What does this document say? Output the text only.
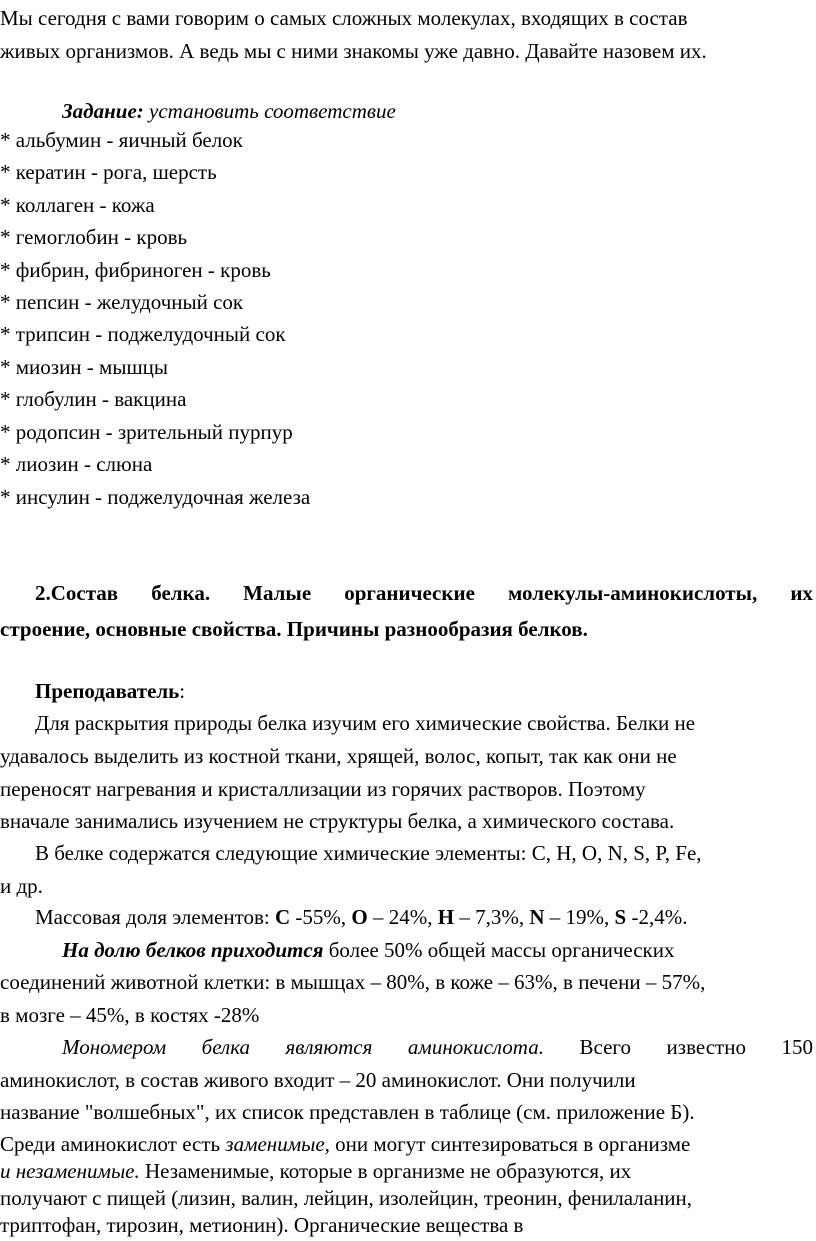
Мы сегодня с вами говорим о самых сложных молекулах, входящих в состав
живых организмов. А ведь мы с ними знакомы уже давно. Давайте назовем их.
Задание: установить соответствие
* альбумин - яичный белок
* кератин - рога, шерсть
* коллаген - кожа
* гемоглобин - кровь
* фибрин, фибриноген - кровь
* пепсин - желудочный сок
* трипсин - поджелудочный сок
* миозин - мышцы
* глобулин - вакцина
* родопсин - зрительный пурпур
* лиозин - слюна
* инсулин - поджелудочная железа
2.Состав белка. Малые органические молекулы-аминокислоты, их
строение, основные свойства. Причины разнообразия белков.
Преподаватель:
Для раскрытия природы белка изучим его химические свойства. Белки не
удавалось выделить из костной ткани, хрящей, волос, копыт, так как они не
переносят нагревания и кристаллизации из горячих растворов. Поэтому
вначале занимались изучением не структуры белка, а химического состава.
В белке содержатся следующие химические элементы: C, H, O, N, S, P, Fe,
и др.
Массовая доля элементов: С -55%, О – 24%, Н – 7,3%, N – 19%, S -2,4%.
На долю белков приходится более 50% общей массы органических
соединений животной клетки: в мышцах – 80%, в коже – 63%, в печени – 57%,
в мозге – 45%, в костях -28%
Мономером белка являются аминокислота. Всего известно 150
аминокислот, в состав живого входит – 20 аминокислот. Они получили
название "волшебных", их список представлен в таблице (см. приложение Б).
Среди аминокислот есть заменимые, они могут синтезироваться в организме
и незаменимые. Незаменимые, которые в организме не образуются, их
получают с пищей (лизин, валин, лейцин, изолейцин, треонин, фенилаланин,
триптофан, тирозин, метионин). Органические вещества в
